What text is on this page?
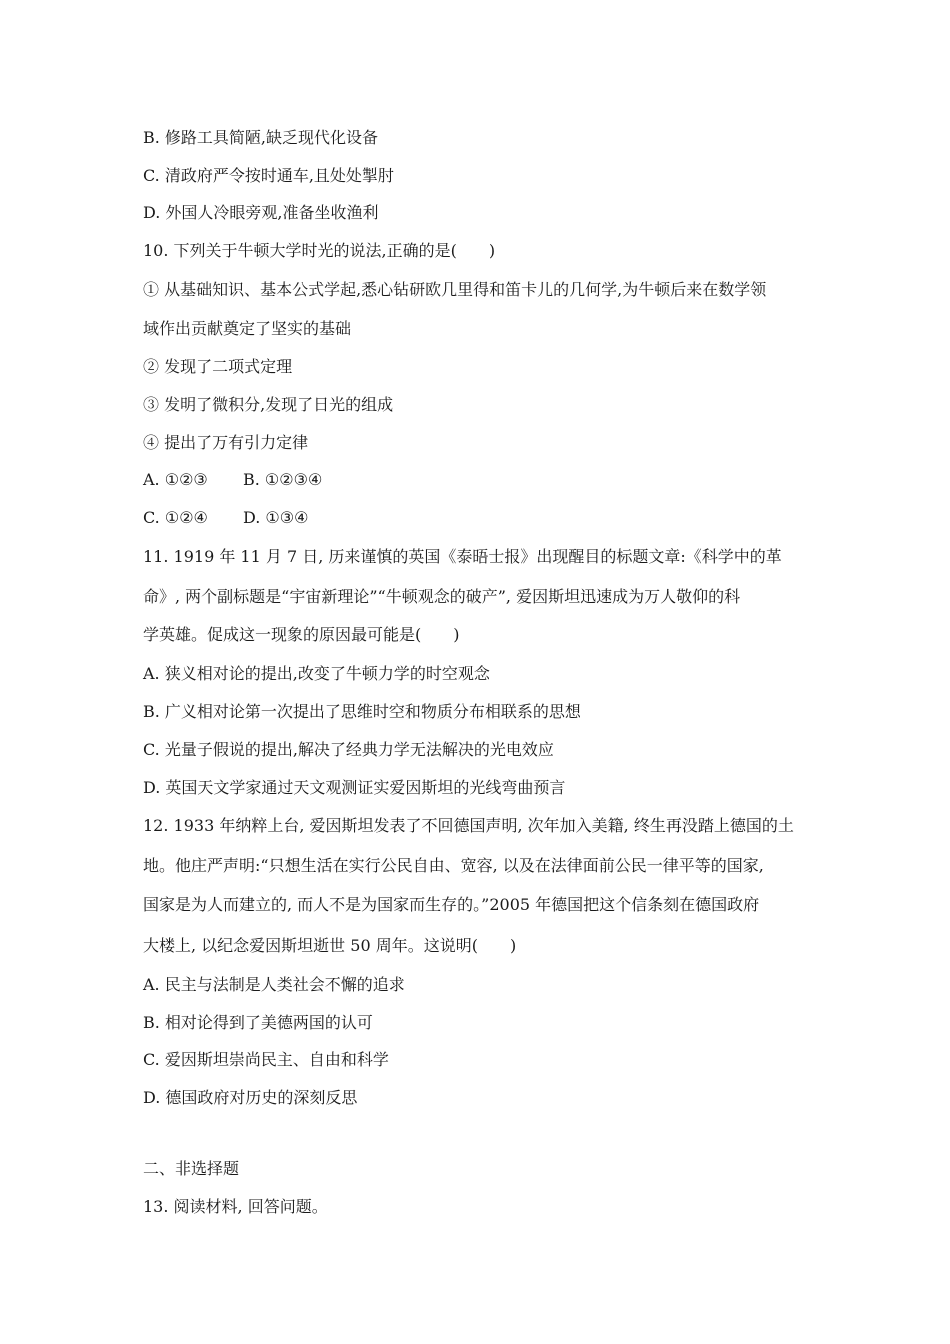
B. 修路工具简陋,缺乏现代化设备
C. 清政府严令按时通车,且处处掣肘
D. 外国人冷眼旁观,准备坐收渔利
10. 下列关于牛顿大学时光的说法,正确的是(　　)
① 从基础知识、基本公式学起,悉心钻研欧几里得和笛卡儿的几何学,为牛顿后来在数学领
域作出贡献奠定了坚实的基础
② 发现了二项式定理
③ 发明了微积分,发现了日光的组成
④ 提出了万有引力定律
A. ①②③ B. ①②③④
C. ①②④ D. ①③④
11. 1919 年 11 月 7 日, 历来谨慎的英国《泰晤士报》出现醒目的标题文章:《科学中的革
命》, 两个副标题是“宇宙新理论”“牛顿观念的破产”, 爱因斯坦迅速成为万人敬仰的科
学英雄。促成这一现象的原因最可能是(　　)
A. 狭义相对论的提出,改变了牛顿力学的时空观念
B. 广义相对论第一次提出了思维时空和物质分布相联系的思想
C. 光量子假说的提出,解决了经典力学无法解决的光电效应
D. 英国天文学家通过天文观测证实爱因斯坦的光线弯曲预言
12. 1933 年纳粹上台, 爱因斯坦发表了不回德国声明, 次年加入美籍, 终生再没踏上德国的土
地。他庄严声明:“只想生活在实行公民自由、宽容, 以及在法律面前公民一律平等的国家,
国家是为人而建立的, 而人不是为国家而生存的。”2005 年德国把这个信条刻在德国政府
大楼上, 以纪念爱因斯坦逝世 50 周年。这说明(　　)
A. 民主与法制是人类社会不懈的追求
B. 相对论得到了美德两国的认可
C. 爱因斯坦崇尚民主、自由和科学
D. 德国政府对历史的深刻反思
二、非选择题
13. 阅读材料, 回答问题。
